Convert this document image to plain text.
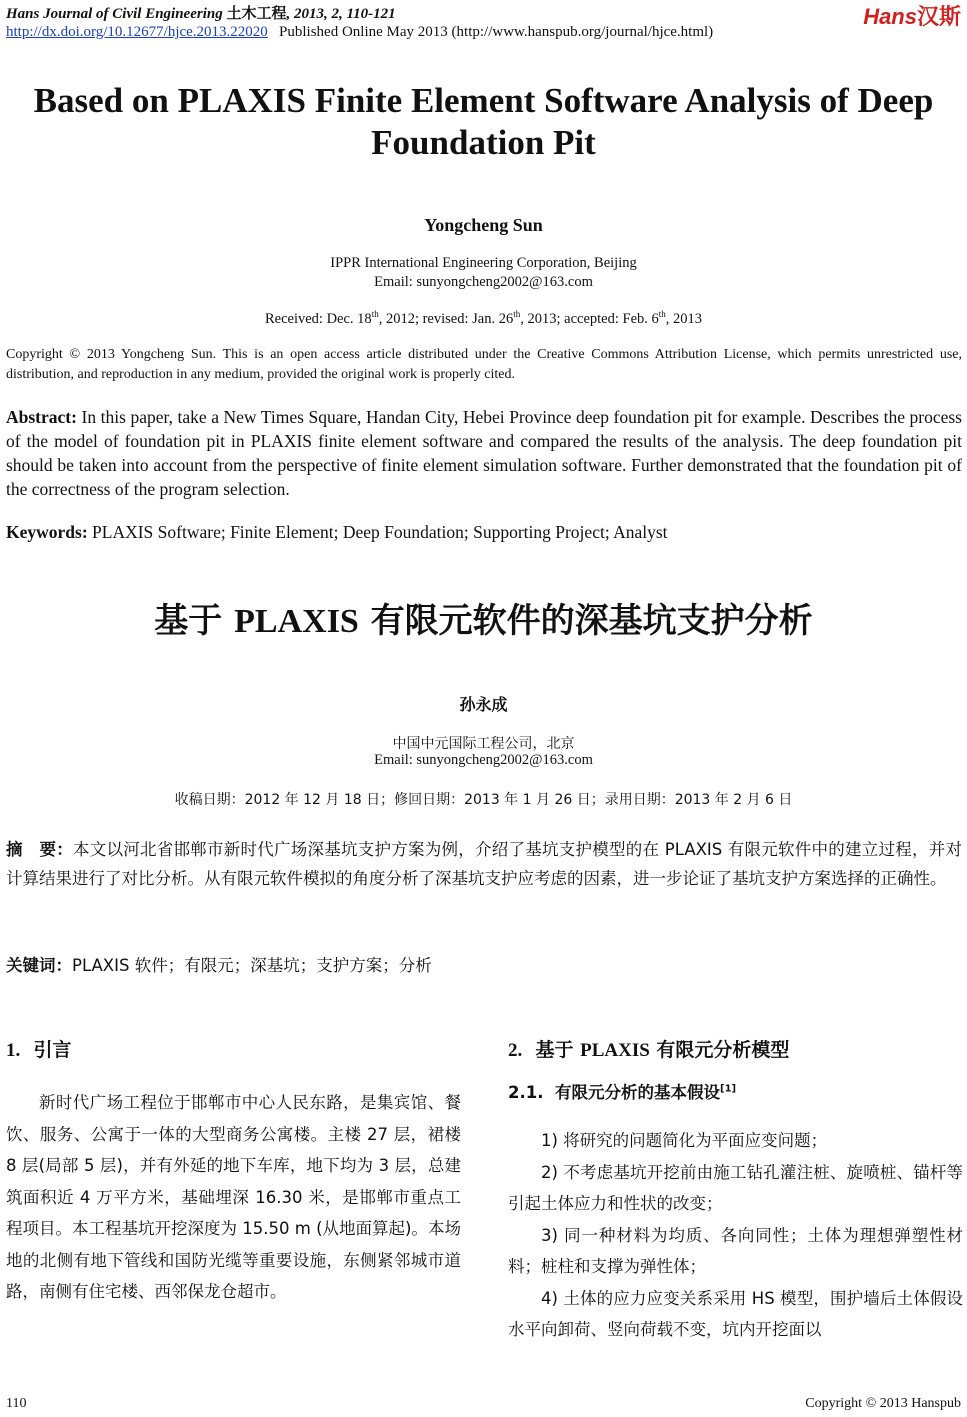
Hans Journal of Civil Engineering 土木工程, 2013, 2, 110-121
http://dx.doi.org/10.12677/hjce.2013.22020 Published Online May 2013 (http://www.hanspub.org/journal/hjce.html)
Hans汉斯
Based on PLAXIS Finite Element Software Analysis of Deep Foundation Pit
Yongcheng Sun
IPPR International Engineering Corporation, Beijing
Email: sunyongcheng2002@163.com
Received: Dec. 18th, 2012; revised: Jan. 26th, 2013; accepted: Feb. 6th, 2013
Copyright © 2013 Yongcheng Sun. This is an open access article distributed under the Creative Commons Attribution License, which permits unrestricted use, distribution, and reproduction in any medium, provided the original work is properly cited.
Abstract: In this paper, take a New Times Square, Handan City, Hebei Province deep foundation pit for example. Describes the process of the model of foundation pit in PLAXIS finite element software and compared the results of the analysis. The deep foundation pit should be taken into account from the perspective of finite element simulation software. Further demonstrated that the foundation pit of the correctness of the program selection.
Keywords: PLAXIS Software; Finite Element; Deep Foundation; Supporting Project; Analyst
基于 PLAXIS 有限元软件的深基坑支护分析
孙永成
中国中元国际工程公司，北京
Email: sunyongcheng2002@163.com
收稿日期：2012 年 12 月 18 日；修回日期：2013 年 1 月 26 日；录用日期：2013 年 2 月 6 日
摘　要：本文以河北省邯郸市新时代广场深基坑支护方案为例，介绍了基坑支护模型的在 PLAXIS 有限元软件中的建立过程，并对计算结果进行了对比分析。从有限元软件模拟的角度分析了深基坑支护应考虑的因素，进一步论证了基坑支护方案选择的正确性。
关键词：PLAXIS 软件；有限元；深基坑；支护方案；分析
1. 引言
新时代广场工程位于邯郸市中心人民东路，是集宾馆、餐饮、服务、公寓于一体的大型商务公寓楼。主楼 27 层，裙楼 8 层(局部 5 层)，并有外延的地下车库，地下均为 3 层，总建筑面积近 4 万平方米，基础埋深 16.30 米，是邯郸市重点工程项目。本工程基坑开挖深度为 15.50 m (从地面算起)。本场地的北侧有地下管线和国防光缆等重要设施，东侧紧邻城市道路，南侧有住宅楼、西邻保龙仓超市。
2. 基于 PLAXIS 有限元分析模型
2.1. 有限元分析的基本假设[1]
1) 将研究的问题简化为平面应变问题；
2) 不考虑基坑开挖前由施工钻孔灌注桩、旋喷桩、锚杆等引起土体应力和性状的改变；
3) 同一种材料为均质、各向同性；土体为理想弹塑性材料；桩柱和支撑为弹性体；
4) 土体的应力应变关系采用 HS 模型，围护墙后土体假设水平向卸荷、竖向荷载不变，坑内开挖面以
110	Copyright © 2013 Hanspub
